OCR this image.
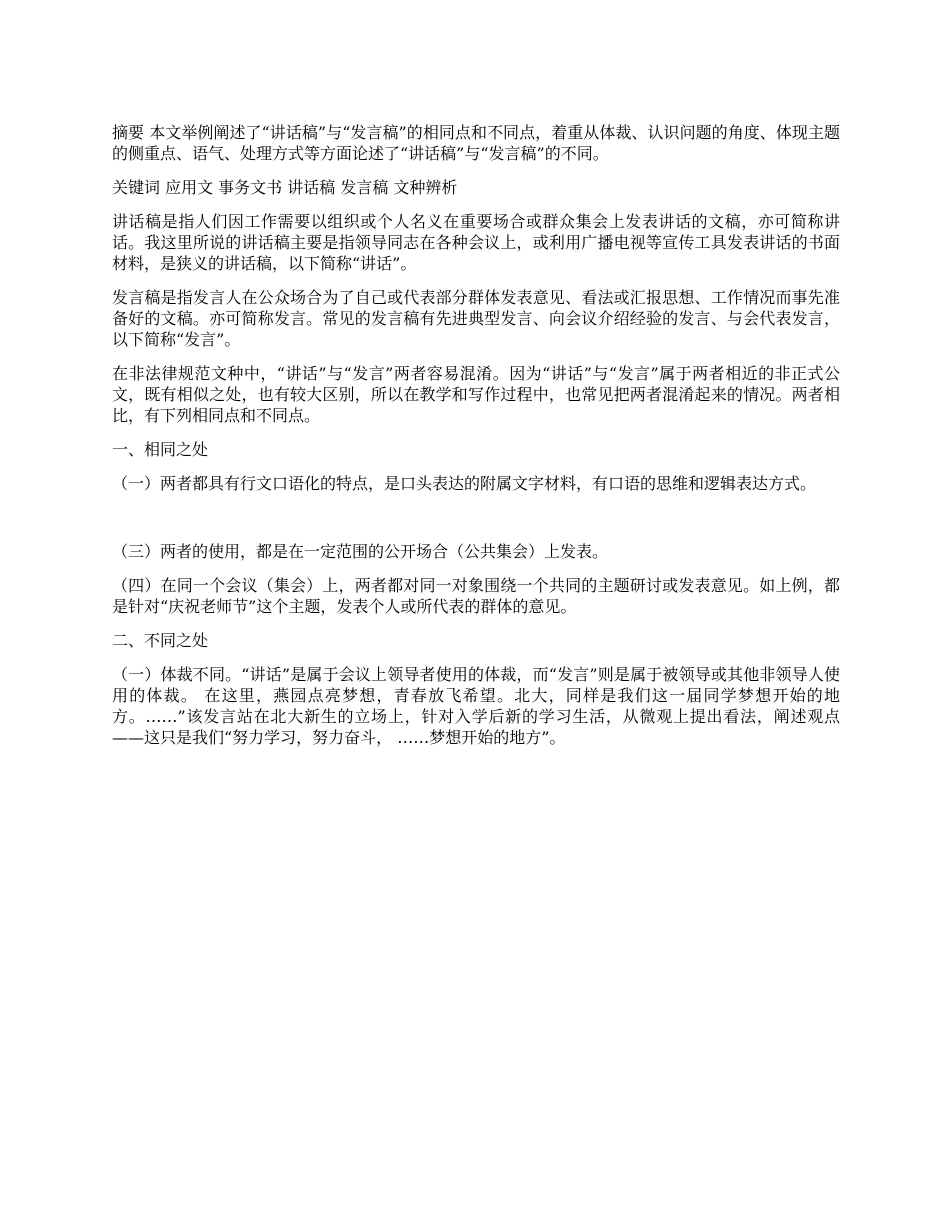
摘要 本文举例阐述了“讲话稿”与“发言稿”的相同点和不同点，着重从体裁、认识问题的角度、体现主题的侧重点、语气、处理方式等方面论述了“讲话稿”与“发言稿”的不同。

关键词 应用文 事务文书 讲话稿 发言稿 文种辨析

讲话稿是指人们因工作需要以组织或个人名义在重要场合或群众集会上发表讲话的文稿，亦可简称讲话。我这里所说的讲话稿主要是指领导同志在各种会议上，或利用广播电视等宣传工具发表讲话的书面材料，是狭义的讲话稿，以下简称“讲话”。

发言稿是指发言人在公众场合为了自己或代表部分群体发表意见、看法或汇报思想、工作情况而事先准备好的文稿。亦可简称发言。常见的发言稿有先进典型发言、向会议介绍经验的发言、与会代表发言，以下简称“发言”。

在非法律规范文种中，“讲话”与“发言”两者容易混淆。因为“讲话”与“发言”属于两者相近的非正式公文，既有相似之处，也有较大区别，所以在教学和写作过程中，也常见把两者混淆起来的情况。两者相比，有下列相同点和不同点。

一、相同之处

（一）两者都具有行文口语化的特点，是口头表达的附属文字材料，有口语的思维和逻辑表达方式。

（三）两者的使用，都是在一定范围的公开场合（公共集会）上发表。

（四）在同一个会议（集会）上，两者都对同一对象围绕一个共同的主题研讨或发表意见。如上例，都是针对“庆祝老师节”这个主题，发表个人或所代表的群体的意见。

二、不同之处

（一）体裁不同。“讲话”是属于会议上领导者使用的体裁，而“发言”则是属于被领导或其他非领导人使用的体裁。 在这里，燕园点亮梦想，青春放飞希望。北大，同样是我们这一届同学梦想开始的地方。……”该发言站在北大新生的立场上，针对入学后新的学习生活，从微观上提出看法，阐述观点——这只是我们“努力学习，努力奋斗， ……梦想开始的地方”。
